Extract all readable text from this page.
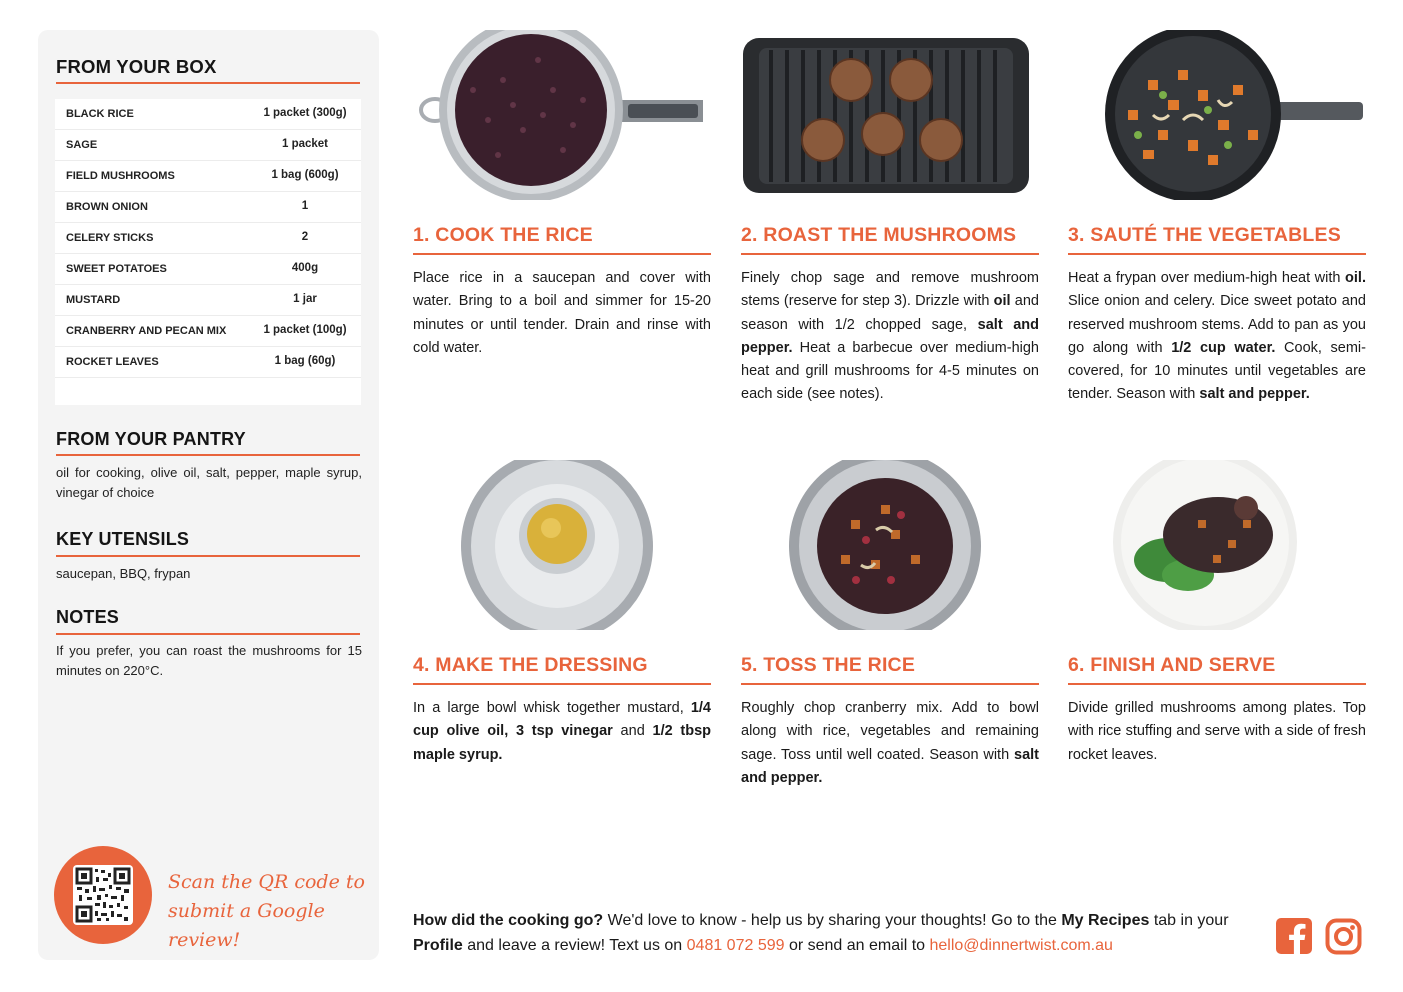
FROM YOUR BOX
BLACK RICE	1 packet (300g)
SAGE	1 packet
FIELD MUSHROOMS	1 bag (600g)
BROWN ONION	1
CELERY STICKS	2
SWEET POTATOES	400g
MUSTARD	1 jar
CRANBERRY AND PECAN MIX	1 packet (100g)
ROCKET LEAVES	1 bag (60g)
FROM YOUR PANTRY
oil for cooking, olive oil, salt, pepper, maple syrup, vinegar of choice
KEY UTENSILS
saucepan, BBQ, frypan
NOTES
If you prefer, you can roast the mushrooms for 15 minutes on 220°C.
Scan the QR code to submit a Google review!
1. COOK THE RICE
Place rice in a saucepan and cover with water. Bring to a boil and simmer for 15-20 minutes or until tender. Drain and rinse with cold water.
2. ROAST THE MUSHROOMS
Finely chop sage and remove mushroom stems (reserve for step 3). Drizzle with oil and season with 1/2 chopped sage, salt and pepper. Heat a barbecue over medium-high heat and grill mushrooms for 4-5 minutes on each side (see notes).
3. SAUTÉ THE VEGETABLES
Heat a frypan over medium-high heat with oil. Slice onion and celery. Dice sweet potato and reserved mushroom stems. Add to pan as you go along with 1/2 cup water. Cook, semi-covered, for 10 minutes until vegetables are tender. Season with salt and pepper.
4. MAKE THE DRESSING
In a large bowl whisk together mustard, 1/4 cup olive oil, 3 tsp vinegar and 1/2 tbsp maple syrup.
5. TOSS THE RICE
Roughly chop cranberry mix. Add to bowl along with rice, vegetables and remaining sage. Toss until well coated. Season with salt and pepper.
6. FINISH AND SERVE
Divide grilled mushrooms among plates. Top with rice stuffing and serve with a side of fresh rocket leaves.
How did the cooking go? We'd love to know - help us by sharing your thoughts! Go to the My Recipes tab in your Profile and leave a review! Text us on 0481 072 599 or send an email to hello@dinnertwist.com.au
